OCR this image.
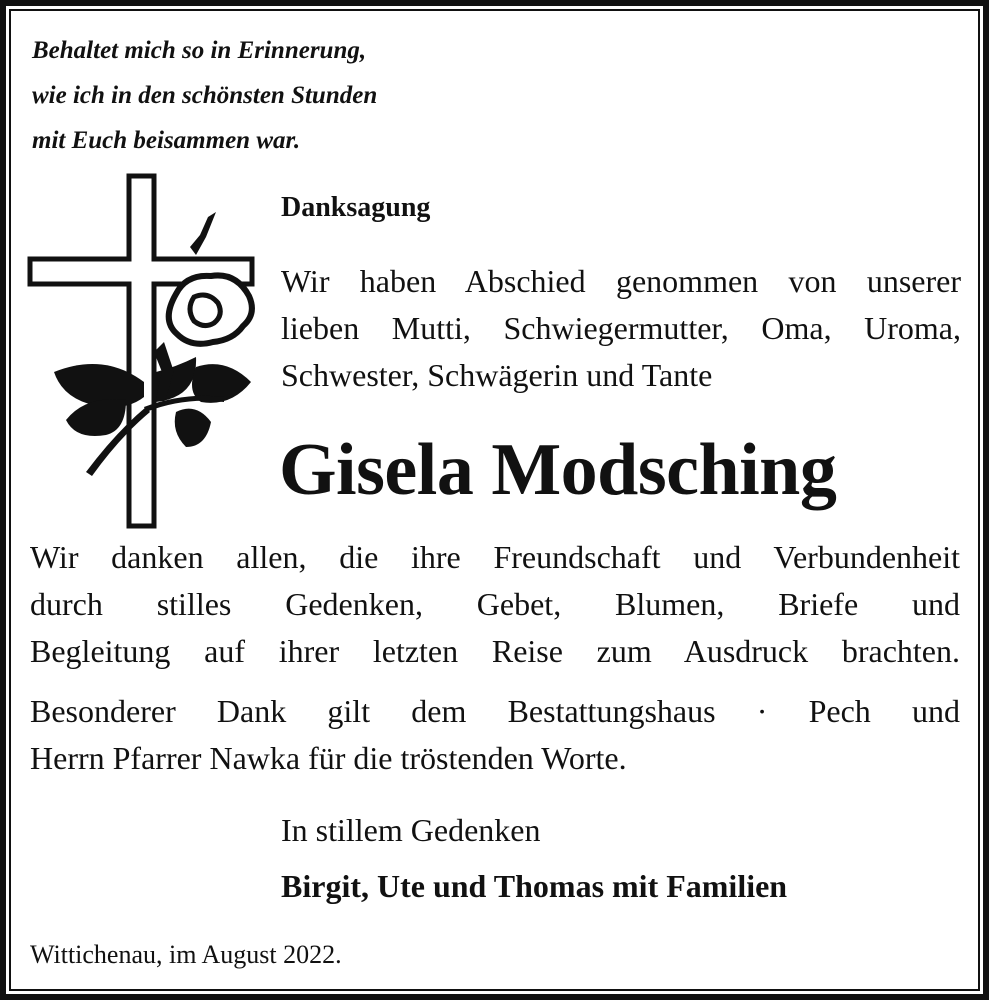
Behaltet mich so in Erinnerung,
wie ich in den schönsten Stunden
mit Euch beisammen war.
Danksagung
Wir haben Abschied genommen von unserer
lieben Mutti, Schwiegermutter, Oma, Uroma,
Schwester, Schwägerin und Tante
Gisela Modsching
Wir danken allen, die ihre Freundschaft und Verbundenheit
durch stilles Gedenken, Gebet, Blumen, Briefe und
Begleitung auf ihrer letzten Reise zum Ausdruck brachten.
Besonderer Dank gilt dem Bestattungshaus · Pech und
Herrn Pfarrer Nawka für die tröstenden Worte.
In stillem Gedenken
Birgit, Ute und Thomas mit Familien
Wittichenau, im August 2022.
